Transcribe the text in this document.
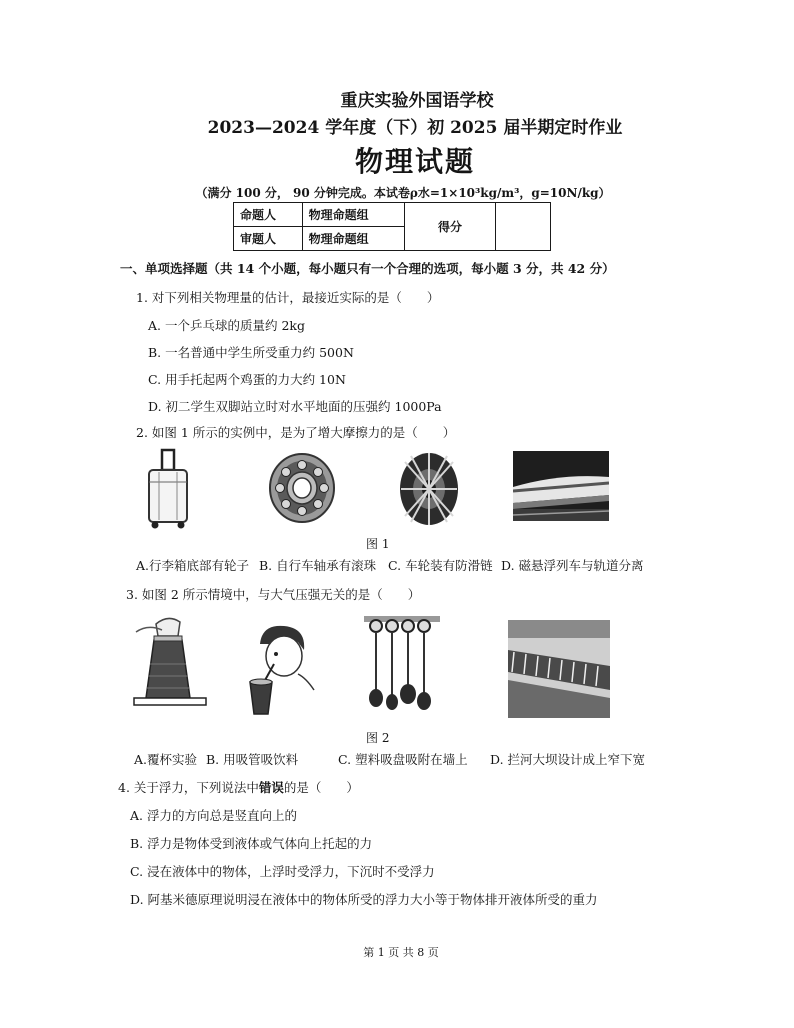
重庆实验外国语学校
2023—2024 学年度（下）初 2025 届半期定时作业
物理试题
（满分 100 分， 90 分钟完成。本试卷ρ水=1×10³kg/m³，g=10N/kg）
命题人	物理命题组	得分	
审题人	物理命题组		
一、单项选择题（共 14 个小题，每小题只有一个合理的选项，每小题 3 分，共 42 分）
1. 对下列相关物理量的估计，最接近实际的是（　　）
A. 一个乒乓球的质量约 2kg
B. 一名普通中学生所受重力约 500N
C. 用手托起两个鸡蛋的力大约 10N
D. 初二学生双脚站立时对水平地面的压强约 1000Pa
2. 如图 1 所示的实例中，是为了增大摩擦力的是（　　）
图 1
A.行李箱底部有轮子 B. 自行车轴承有滚珠 C. 车轮装有防滑链 D. 磁悬浮列车与轨道分离
3. 如图 2 所示情境中，与大气压强无关的是（　　）
图 2
A.覆杯实验 B. 用吸管吸饮料	C. 塑料吸盘吸附在墙上 D. 拦河大坝设计成上窄下宽
4. 关于浮力，下列说法中错误的是（　　）
A. 浮力的方向总是竖直向上的
B. 浮力是物体受到液体或气体向上托起的力
C. 浸在液体中的物体，上浮时受浮力，下沉时不受浮力
D. 阿基米德原理说明浸在液体中的物体所受的浮力大小等于物体排开液体所受的重力
第 1 页 共 8 页
